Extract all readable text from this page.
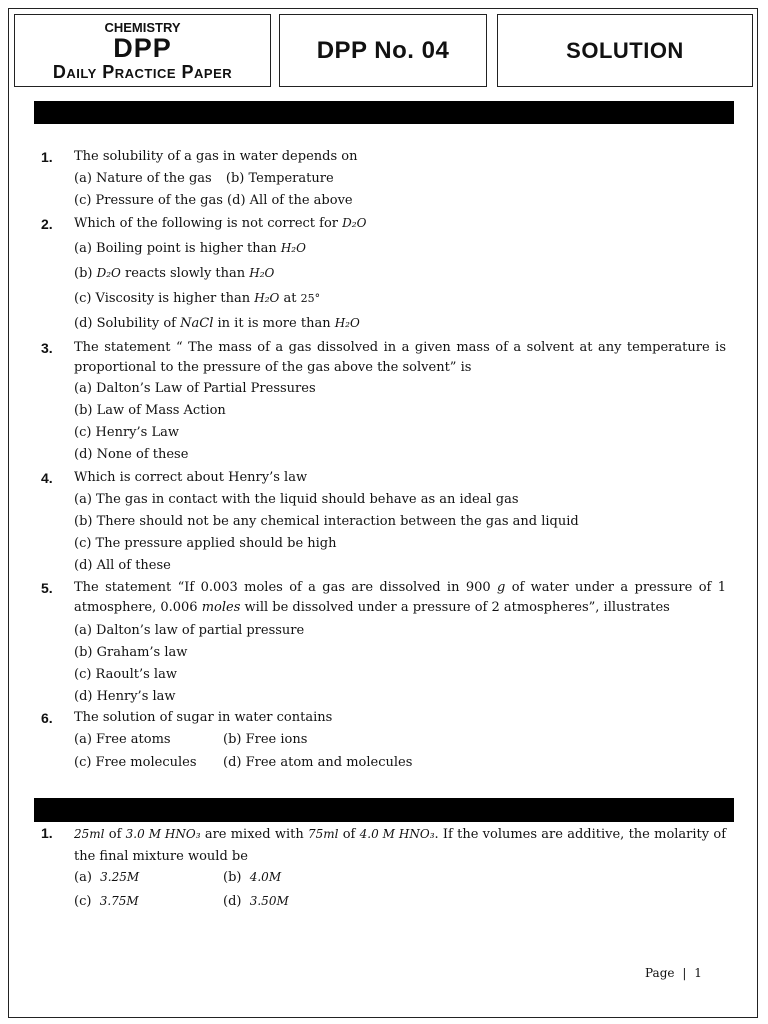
CHEMISTRY
DPP
Daily Practice Paper
DPP No. 04	SOLUTION
1. The solubility of a gas in water depends on
(a) Nature of the gas (b) Temperature
(c) Pressure of the gas (d) All of the above
2. Which of the following is not correct for D₂O
(a) Boiling point is higher than H₂O
(b) D₂O reacts slowly than H₂O
(c) Viscosity is higher than H₂O at 25°
(d) Solubility of NaCl in it is more than H₂O
3. The statement “ The mass of a gas dissolved in a given mass of a solvent at any temperature is proportional to the pressure of the gas above the solvent” is
(a) Dalton’s Law of Partial Pressures
(b) Law of Mass Action
(c) Henry’s Law
(d) None of these
4. Which is correct about Henry’s law
(a) The gas in contact with the liquid should behave as an ideal gas
(b) There should not be any chemical interaction between the gas and liquid
(c) The pressure applied should be high
(d) All of these
5. The statement “If 0.003 moles of a gas are dissolved in 900 g of water under a pressure of 1 atmosphere, 0.006 moles will be dissolved under a pressure of 2 atmospheres”, illustrates
(a) Dalton’s law of partial pressure
(b) Graham’s law
(c) Raoult’s law
(d) Henry’s law
6. The solution of sugar in water contains
(a) Free atoms	(b) Free ions
(c) Free molecules (d) Free atom and molecules
1. 25ml of 3.0 M HNO₃ are mixed with 75ml of 4.0 M HNO₃. If the volumes are additive, the molarity of the final mixture would be
(a) 3.25M	(b) 4.0M
(c) 3.75M	(d) 3.50M
Page | 1
